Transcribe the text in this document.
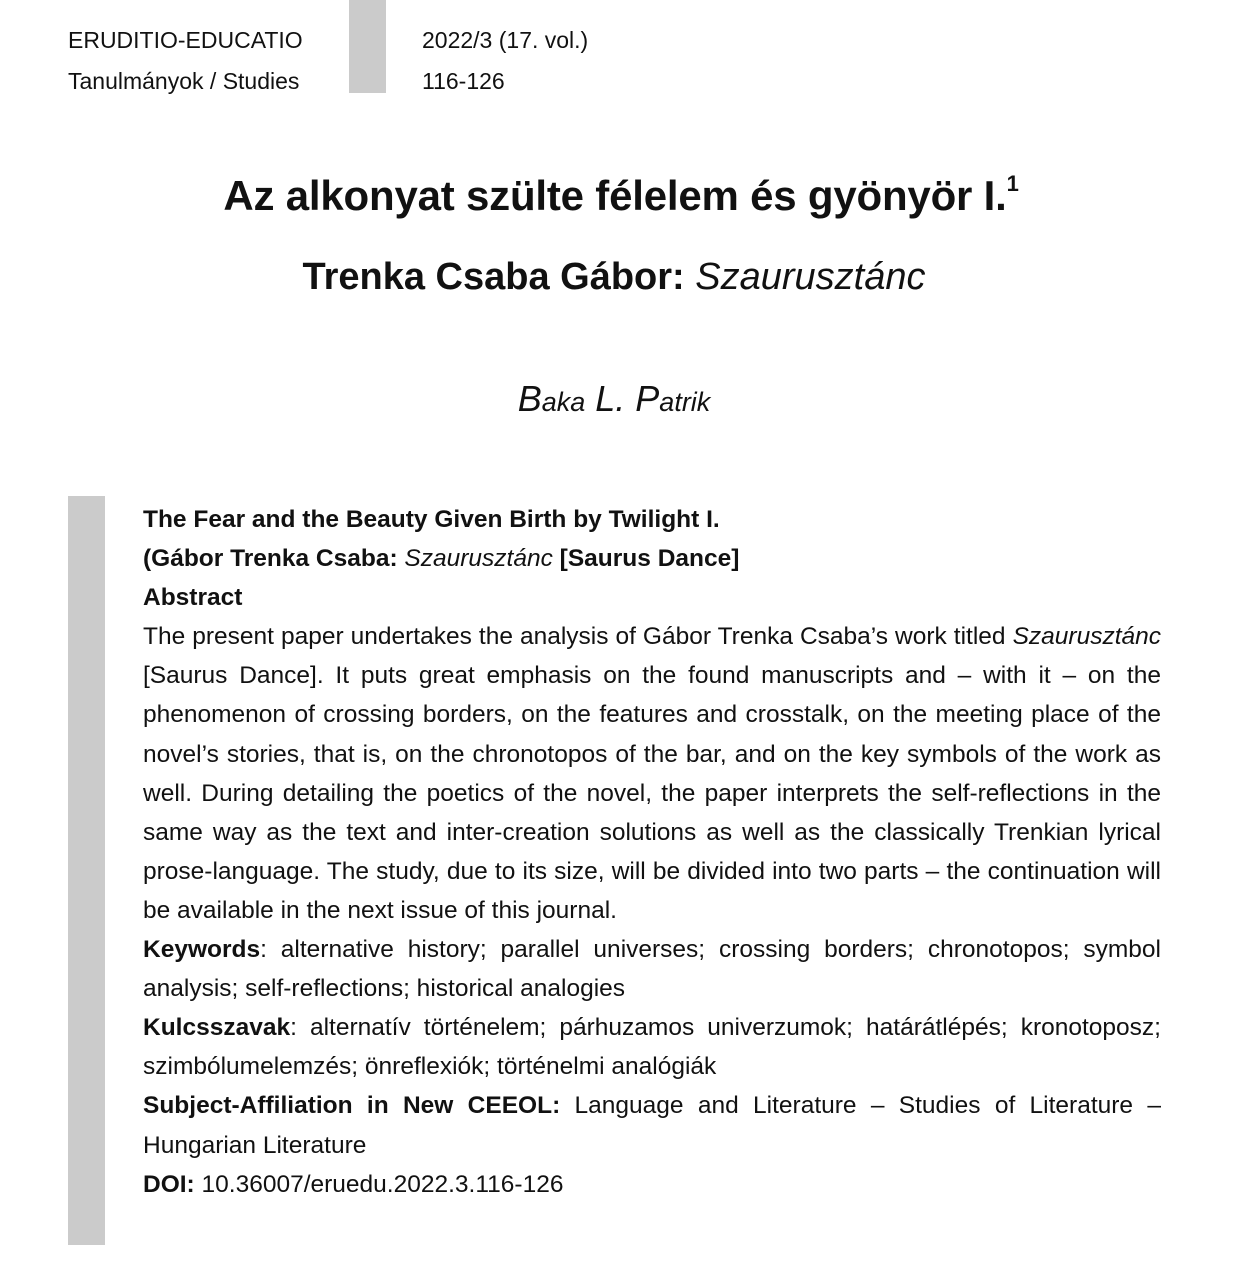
ERUDITIO-EDUCATIO
Tanulmányok / Studies
2022/3 (17. vol.)
116-126
Az alkonyat szülte félelem és gyönyör I.$^1$
Trenka Csaba Gábor: Szaurusztánc
Baka L. Patrik
The Fear and the Beauty Given Birth by Twilight I.
(Gábor Trenka Csaba: Szaurusztánc [Saurus Dance]
Abstract
The present paper undertakes the analysis of Gábor Trenka Csaba’s work titled Szaurusztánc [Saurus Dance]. It puts great emphasis on the found manuscripts and – with it – on the phenomenon of crossing borders, on the features and crosstalk, on the meeting place of the novel’s stories, that is, on the chronotopos of the bar, and on the key symbols of the work as well. During detailing the poetics of the novel, the paper interprets the self-reflections in the same way as the text and inter-creation solutions as well as the classically Trenkian lyrical prose-language. The study, due to its size, will be divided into two parts – the continuation will be available in the next issue of this journal.
Keywords: alternative history; parallel universes; crossing borders; chronotopos; symbol analysis; self-reflections; historical analogies
Kulcsszavak: alternatív történelem; párhuzamos univerzumok; határátlépés; kronotoposz; szimbólumelemzés; önreflexiók; történelmi analógiák
Subject-Affiliation in New CEEOL: Language and Literature – Studies of Literature – Hungarian Literature
DOI: 10.36007/eruedu.2022.3.116-126
